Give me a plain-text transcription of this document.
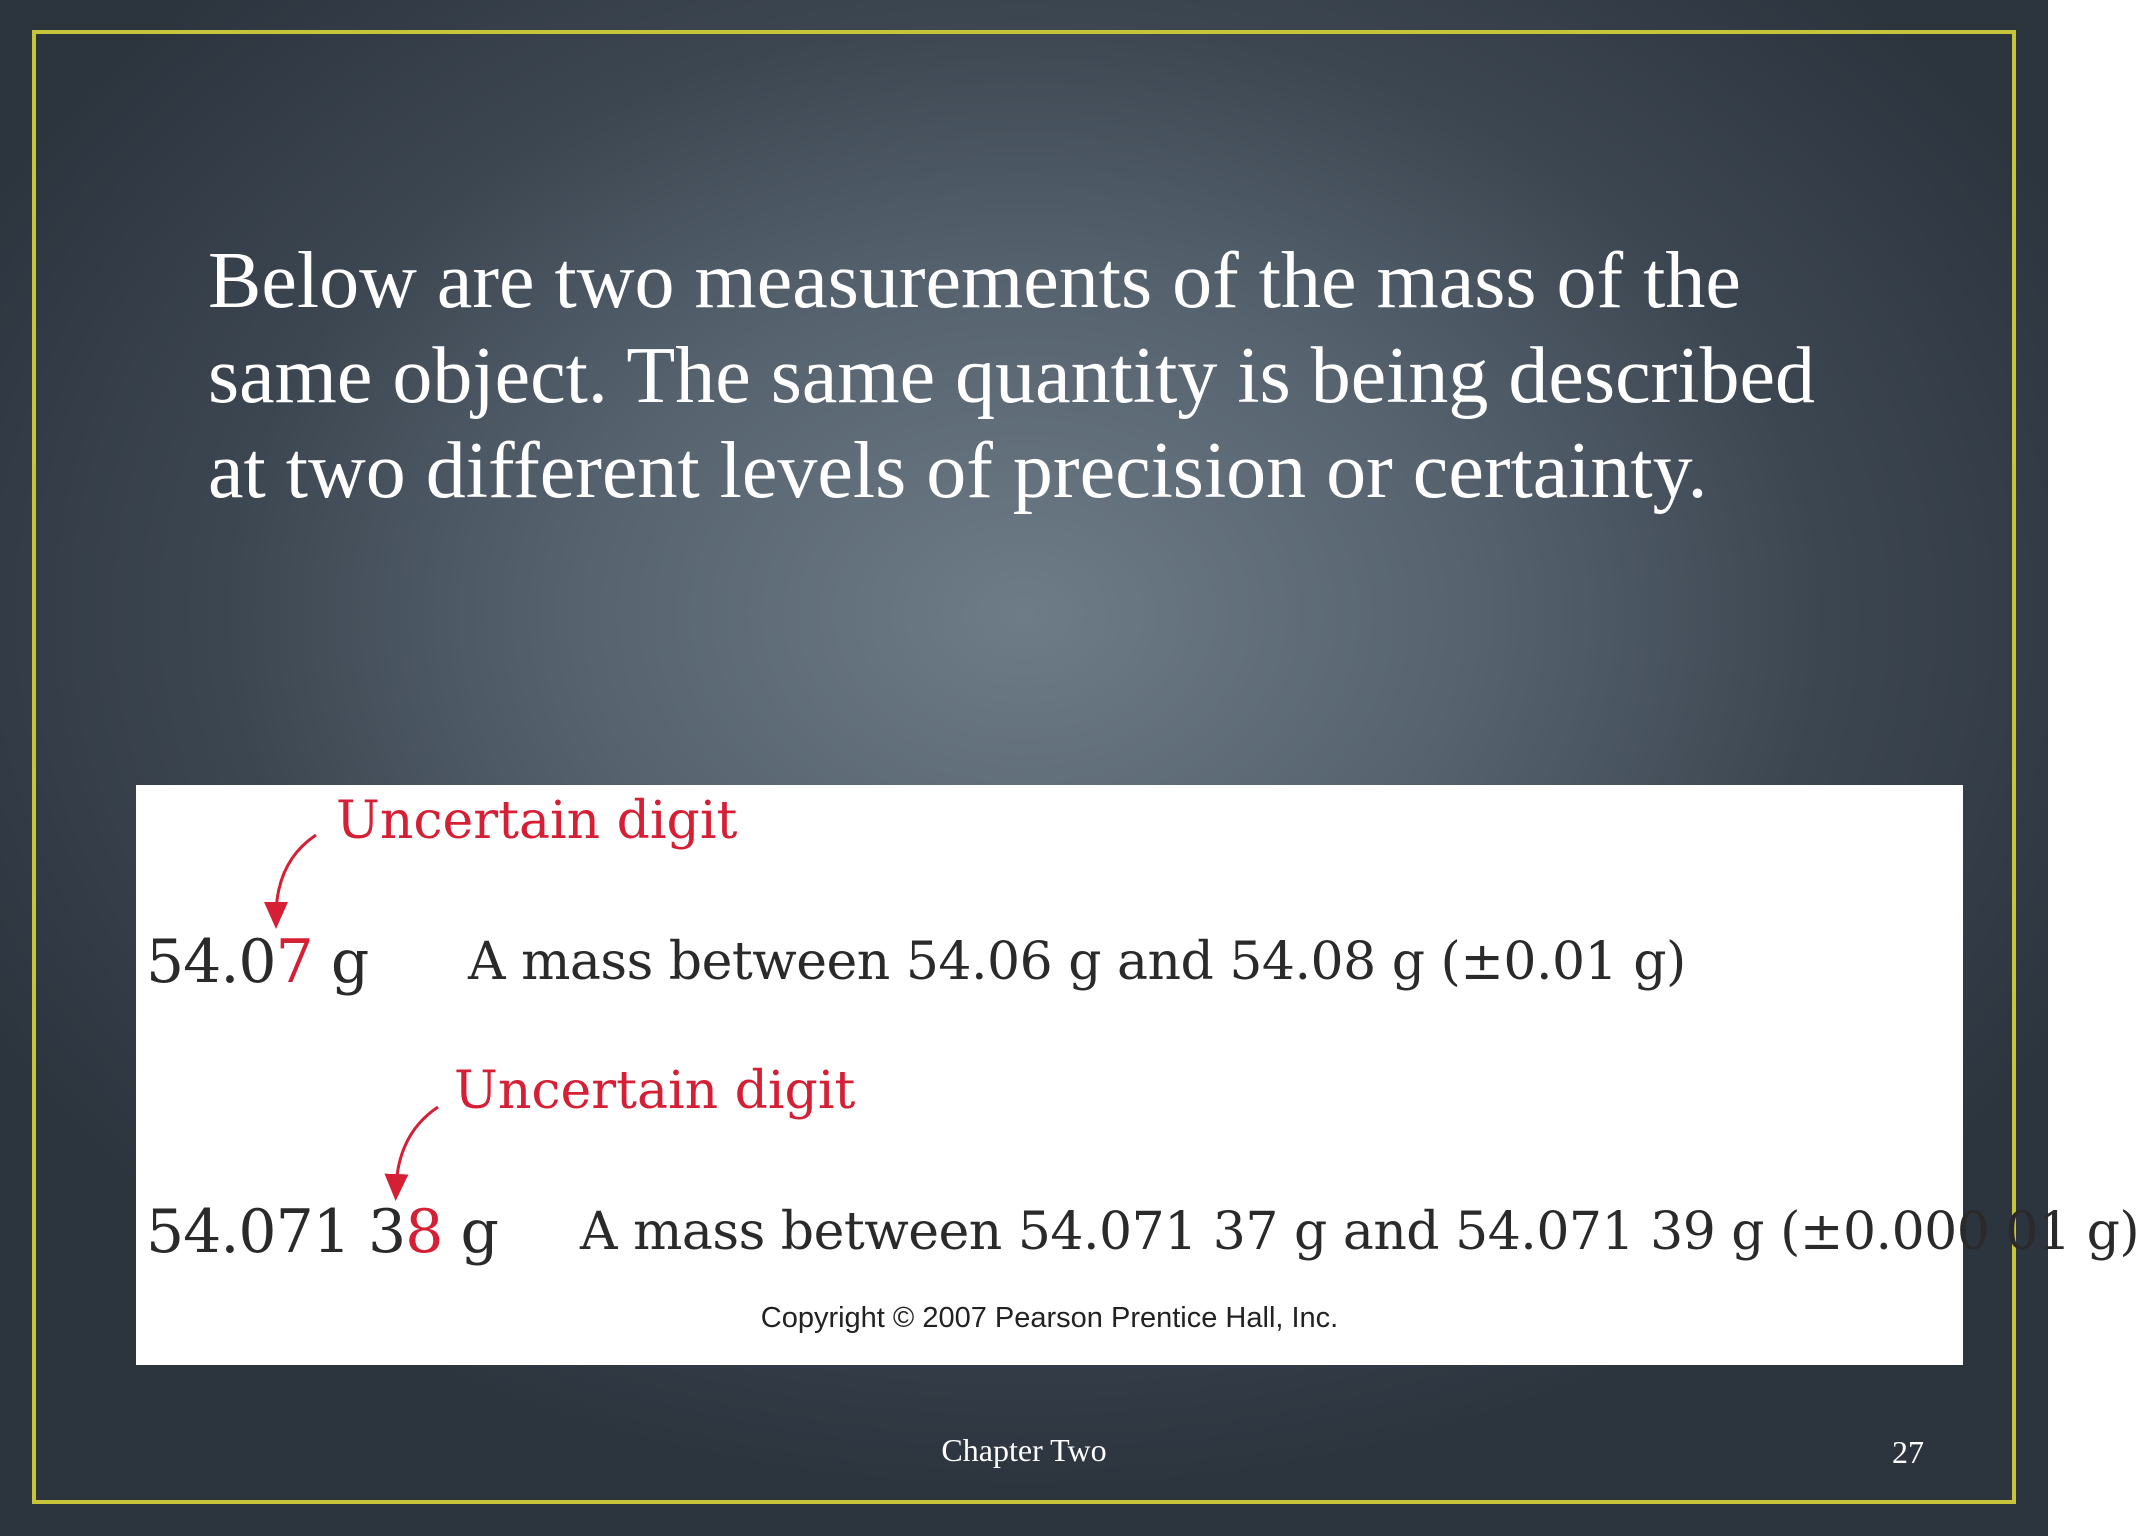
Below are two measurements of the mass of the
same object. The same quantity is being described
at two different levels of precision or certainty.
Uncertain digit
54.07 g A mass between 54.06 g and 54.08 g (±0.01 g)
Uncertain digit
54.071 38 g A mass between 54.071 37 g and 54.071 39 g (±0.000 01 g)
Copyright © 2007 Pearson Prentice Hall, Inc.
Chapter Two	27
